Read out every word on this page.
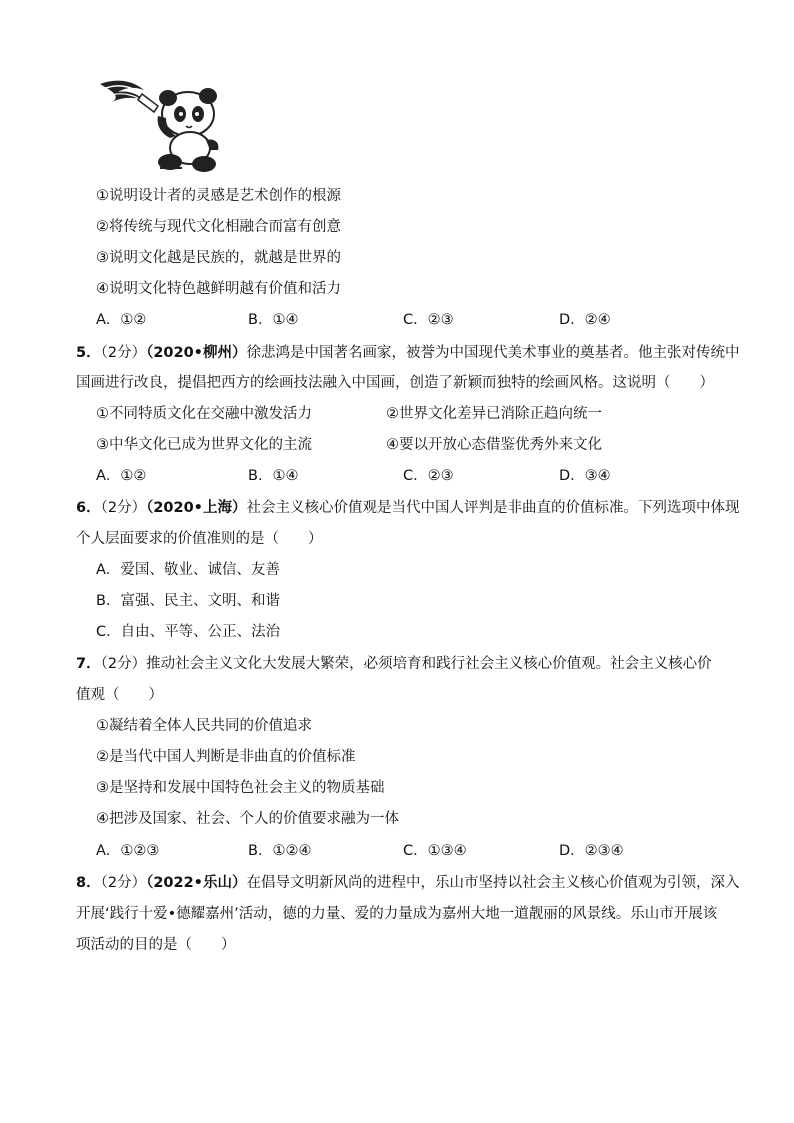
①说明设计者的灵感是艺术创作的根源
②将传统与现代文化相融合而富有创意
③说明文化越是民族的，就越是世界的
④说明文化特色越鲜明越有价值和活力
A．①②	B．①④	C．②③	D．②④
5．（2分）（2020•柳州）徐悲鸿是中国著名画家，被誉为中国现代美术事业的奠基者。他主张对传统中
国画进行改良，提倡把西方的绘画技法融入中国画，创造了新颖而独特的绘画风格。这说明（　　）
①不同特质文化在交融中激发活力	②世界文化差异已消除正趋向统一
③中华文化已成为世界文化的主流	④要以开放心态借鉴优秀外来文化
A．①②	B．①④	C．②③	D．③④
6．（2分）（2020•上海）社会主义核心价值观是当代中国人评判是非曲直的价值标准。下列选项中体现
个人层面要求的价值准则的是（　　）
A．爱国、敬业、诚信、友善
B．富强、民主、文明、和谐
C．自由、平等、公正、法治
7．（2分）推动社会主义文化大发展大繁荣，必须培育和践行社会主义核心价值观。社会主义核心价
值观（　　）
①凝结着全体人民共同的价值追求
②是当代中国人判断是非曲直的价值标准
③是坚持和发展中国特色社会主义的物质基础
④把涉及国家、社会、个人的价值要求融为一体
A．①②③	B．①②④	C．①③④	D．②③④
8．（2分）（2022•乐山）在倡导文明新风尚的进程中，乐山市坚持以社会主义核心价值观为引领，深入
开展‘践行十爱•德耀嘉州’活动，德的力量、爱的力量成为嘉州大地一道靓丽的风景线。乐山市开展该
项活动的目的是（　　）
